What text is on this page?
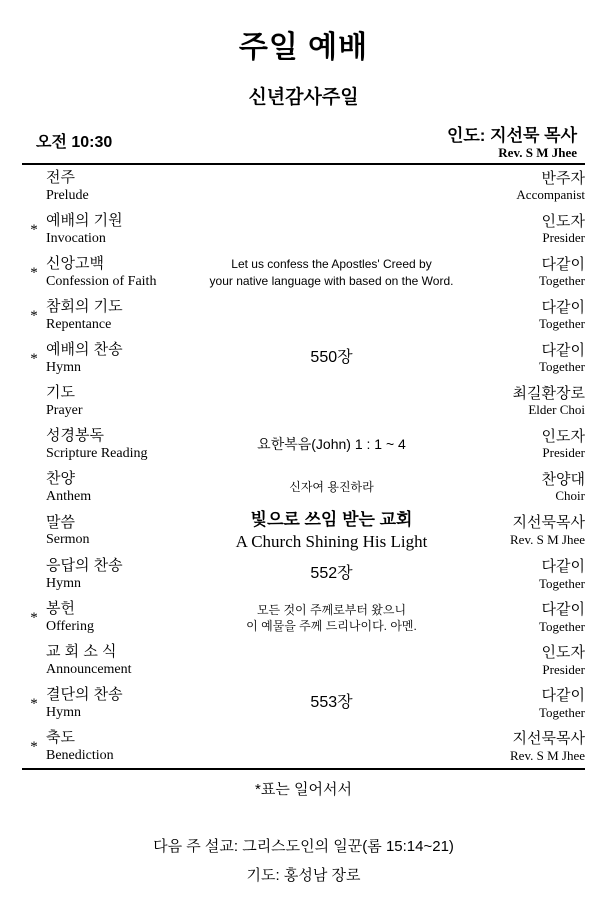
주일 예배
신년감사주일
오전 10:30	인도: 지선묵 목사
Rev. S M Jhee

	전주
Prelude		반주자
Accompanist

*	예배의 기원
Invocation		인도자
Presider

*	신앙고백
Confession of Faith	Let us confess the Apostles' Creed by
your native language with based on the Word.	다같이
Together

*	참회의 기도
Repentance		다같이
Together

*	예배의 찬송
Hymn	550장	다같이
Together

	기도
Prayer		최길환장로
Elder Choi

	성경봉독
Scripture Reading	요한복음(John) 1 : 1 ~ 4	인도자
Presider

	찬양
Anthem	신자여 용진하라	찬양대
Choir

	말씀
Sermon	빛으로 쓰임 받는 교회
A Church Shining His Light	지선묵목사
Rev. S M Jhee

	응답의 찬송
Hymn	552장	다같이
Together

*	봉헌
Offering	모든 것이 주께로부터 왔으니
이 예물을 주께 드리나이다. 아멘.	다같이
Together

	교 회 소 식
Announcement		인도자
Presider

*	결단의 찬송
Hymn	553장	다같이
Together

*	축도
Benediction		지선묵목사
Rev. S M Jhee
*표는 일어서서
다음 주 설교: 그리스도인의 일꾼(롬 15:14~21)
기도: 홍성남 장로
